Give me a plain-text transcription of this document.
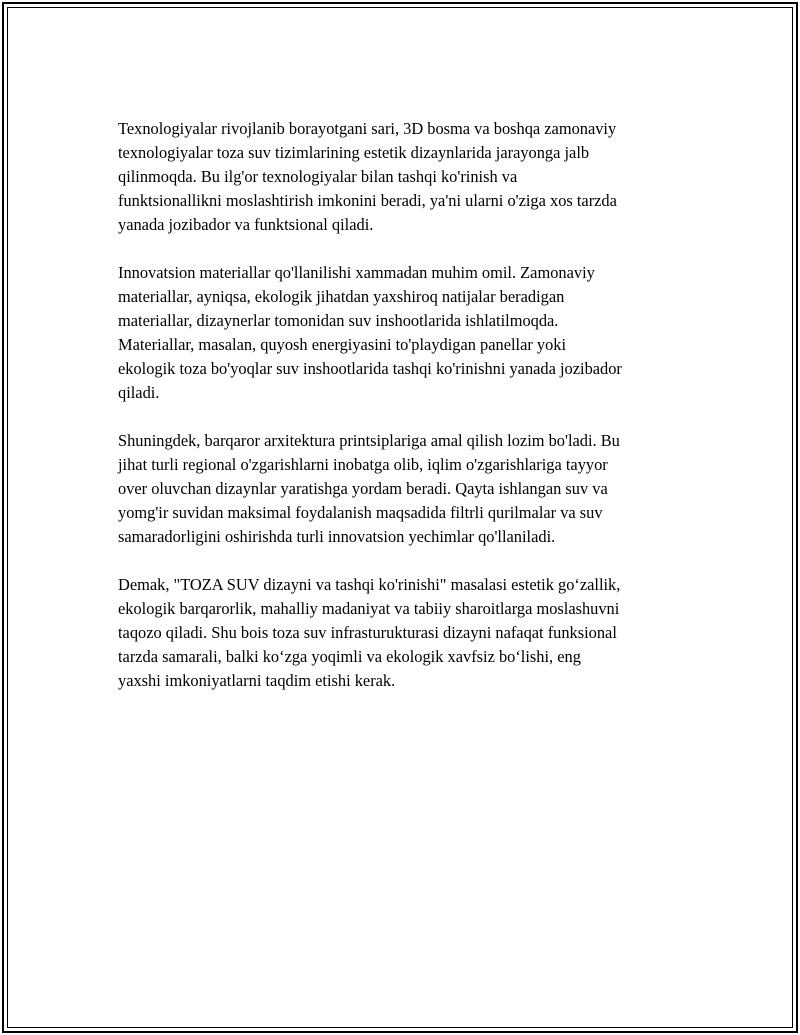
Texnologiyalar rivojlanib borayotgani sari, 3D bosma va boshqa zamonaviy
texnologiyalar toza suv tizimlarining estetik dizaynlarida jarayonga jalb
qilinmoqda. Bu ilg'or texnologiyalar bilan tashqi ko'rinish va
funktsionallikni moslashtirish imkonini beradi, ya'ni ularni o'ziga xos tarzda
yanada jozibador va funktsional qiladi.

Innovatsion materiallar qo'llanilishi xammadan muhim omil. Zamonaviy
materiallar, ayniqsa, ekologik jihatdan yaxshiroq natijalar beradigan
materiallar, dizaynerlar tomonidan suv inshootlarida ishlatilmoqda.
Materiallar, masalan, quyosh energiyasini to'playdigan panellar yoki
ekologik toza bo'yoqlar suv inshootlarida tashqi ko'rinishni yanada jozibador
qiladi.

Shuningdek, barqaror arxitektura printsiplariga amal qilish lozim bo'ladi. Bu
jihat turli regional o'zgarishlarni inobatga olib, iqlim o'zgarishlariga tayyor
over oluvchan dizaynlar yaratishga yordam beradi. Qayta ishlangan suv va
yomg'ir suvidan maksimal foydalanish maqsadida filtrli qurilmalar va suv
samaradorligini oshirishda turli innovatsion yechimlar qo'llaniladi.

Demak, "TOZA SUV dizayni va tashqi ko'rinishi" masalasi estetik go‘zallik,
ekologik barqarorlik, mahalliy madaniyat va tabiiy sharoitlarga moslashuvni
taqozo qiladi. Shu bois toza suv infrasturukturasi dizayni nafaqat funksional
tarzda samarali, balki ko‘zga yoqimli va ekologik xavfsiz bo‘lishi, eng
yaxshi imkoniyatlarni taqdim etishi kerak.
